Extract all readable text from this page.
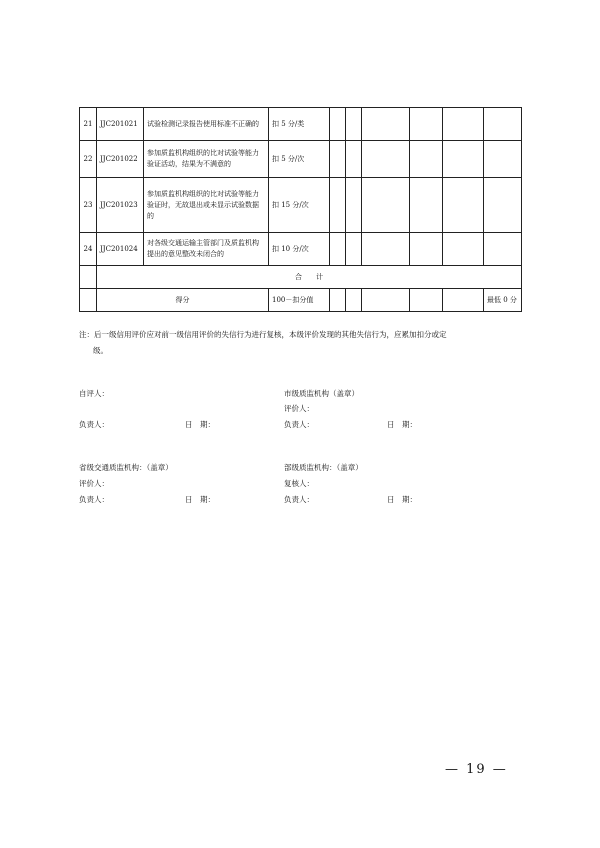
21	JJC201021	试验检测记录报告使用标准不正确的	扣 5 分/类						
22	JJC201022	参加质监机构组织的比对试验等能力验证活动，结果为不满意的	扣 5 分/次						
23	JJC201023	参加质监机构组织的比对试验等能力验证时，无故退出或未显示试验数据的	扣 15 分/次						
24	JJC201024	对各级交通运输主管部门及质监机构提出的意见整改未闭合的	扣 10 分/次						
	合　　计								
	得分		100－扣分值						最低 0 分
注：后一级信用评价应对前一级信用评价的失信行为进行复核，本级评价发现的其他失信行为，应累加扣分或定
级。
自评人：
负责人：	日　期：
市级质监机构（盖章）
评价人：
负责人：	日　期：
省级交通质监机构：（盖章）
评价人：
负责人：	日　期：
部级质监机构：（盖章）
复核人：
负责人：	日　期：
— 19 —
